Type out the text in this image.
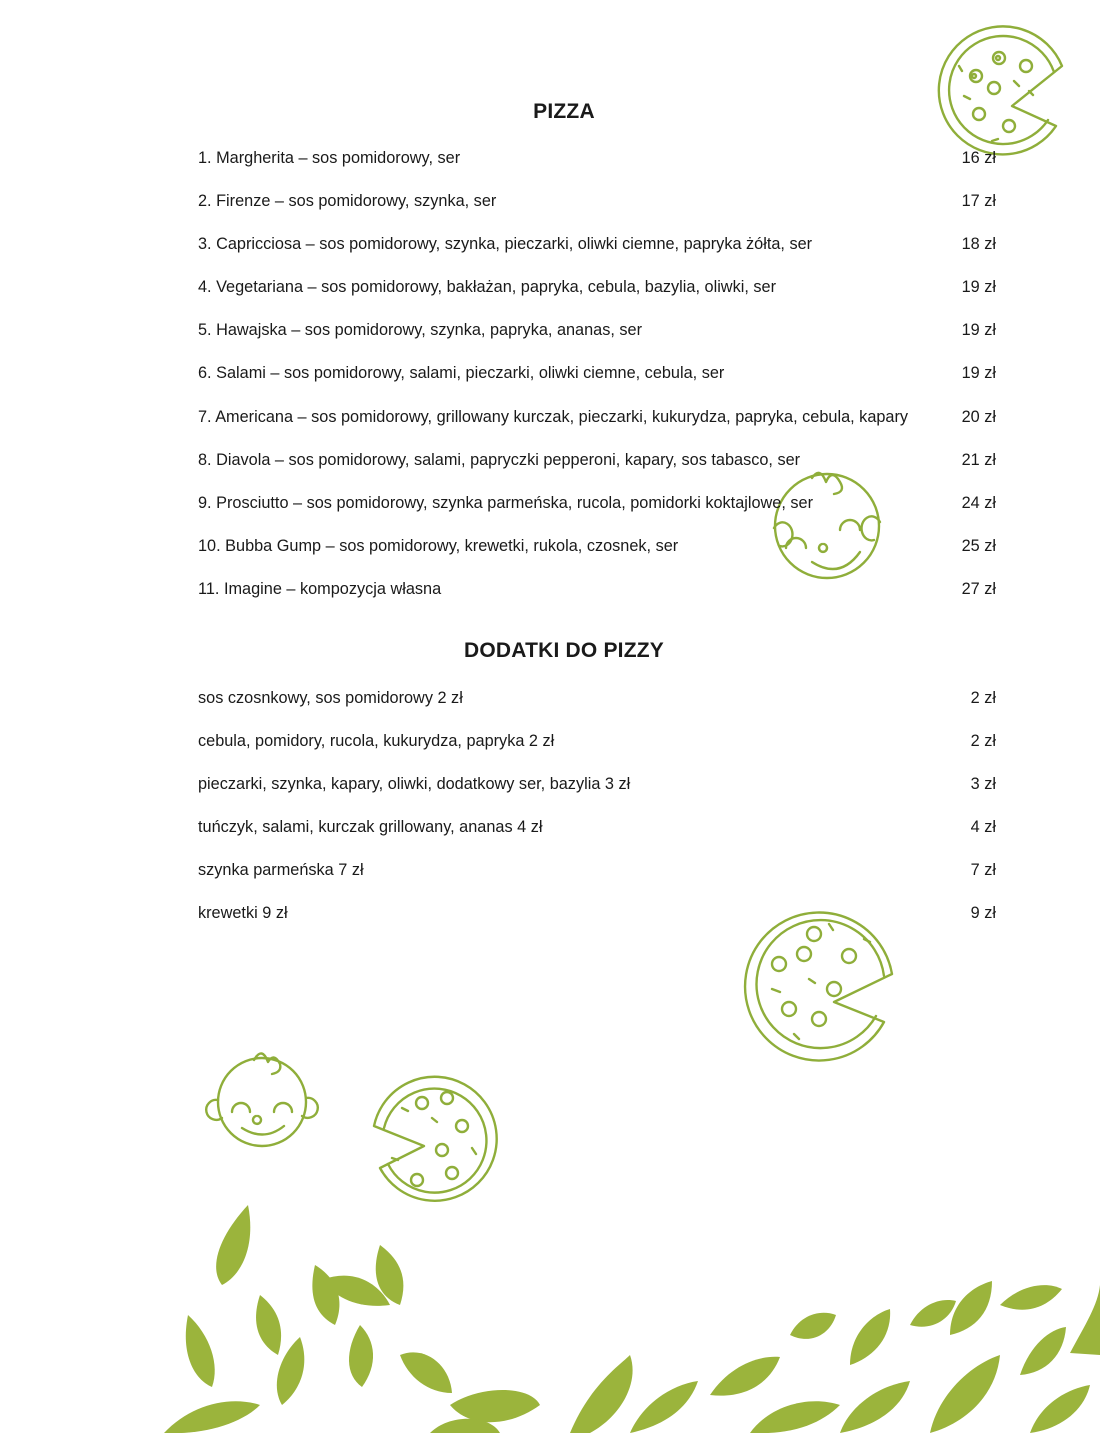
PIZZA
1. Margherita – sos pomidorowy, ser	16 zł
2. Firenze – sos pomidorowy, szynka, ser	17 zł
3. Capricciosa – sos pomidorowy, szynka, pieczarki, oliwki ciemne, papryka żółta, ser	18 zł
4. Vegetariana – sos pomidorowy, bakłażan, papryka, cebula, bazylia, oliwki, ser	19 zł
5. Hawajska – sos pomidorowy, szynka, papryka, ananas, ser	19 zł
6. Salami – sos pomidorowy, salami, pieczarki, oliwki ciemne, cebula, ser	19 zł
7. Americana – sos pomidorowy, grillowany kurczak, pieczarki, kukurydza, papryka, cebula, kapary	20 zł
8. Diavola – sos pomidorowy, salami, papryczki pepperoni, kapary, sos tabasco, ser	21 zł
9. Prosciutto – sos pomidorowy, szynka parmeńska, rucola, pomidorki koktajlowe, ser	24 zł
10. Bubba Gump – sos pomidorowy, krewetki, rukola, czosnek, ser	25 zł
11. Imagine – kompozycja własna	27 zł
DODATKI DO PIZZY
sos czosnkowy, sos pomidorowy 2 zł	2 zł
cebula, pomidory, rucola, kukurydza, papryka 2 zł	2 zł
pieczarki, szynka, kapary, oliwki, dodatkowy ser, bazylia 3 zł	3 zł
tuńczyk, salami, kurczak grillowany, ananas 4 zł	4 zł
szynka parmeńska 7 zł	7 zł
krewetki 9 zł	9 zł
